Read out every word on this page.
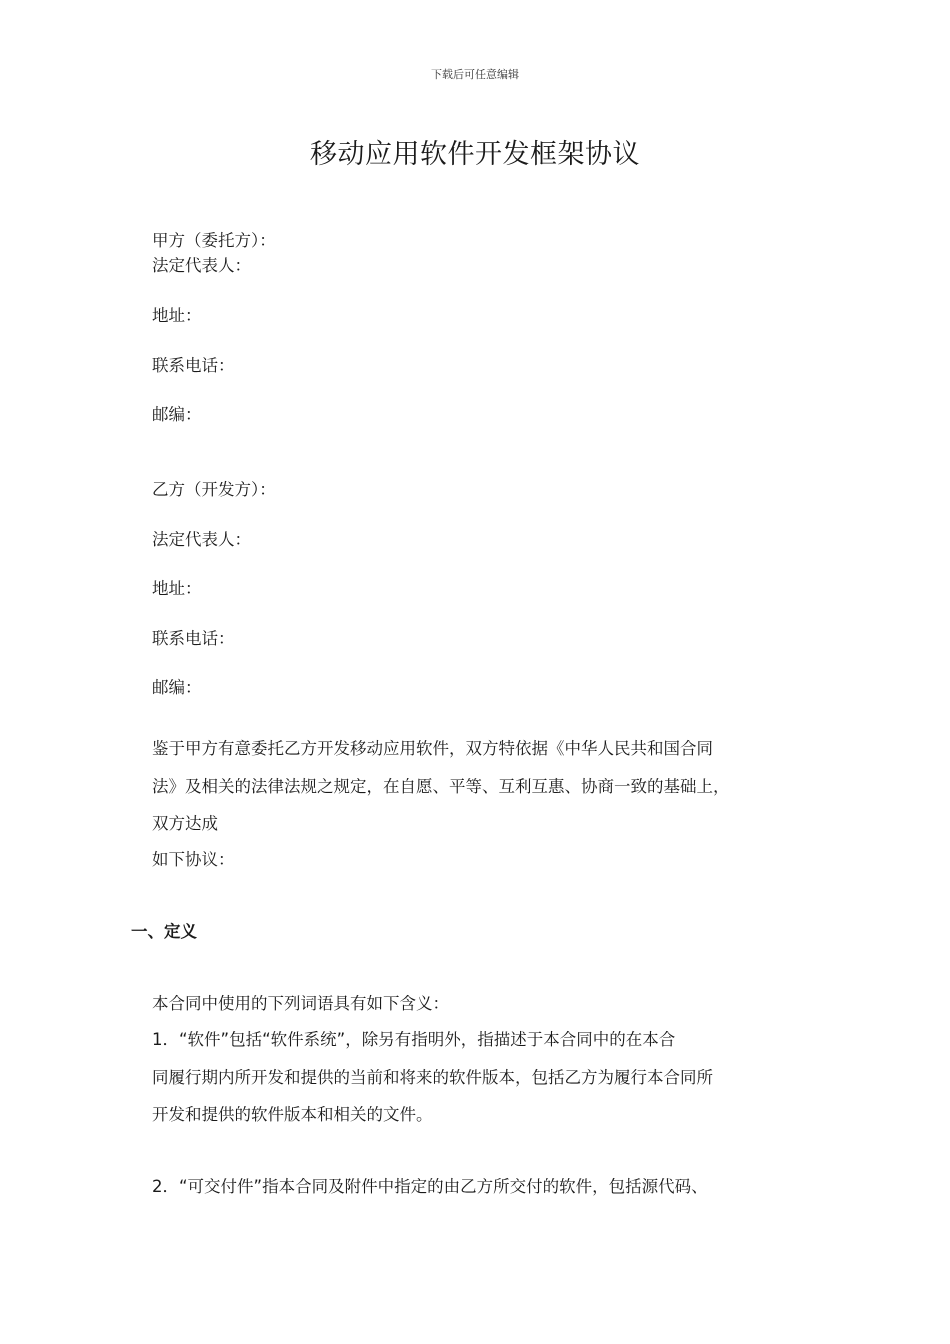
下载后可任意编辑
移动应用软件开发框架协议
甲方（委托方）：
法定代表人：
地址：
联系电话：
邮编：
乙方（开发方）：
法定代表人：
地址：
联系电话：
邮编：
鉴于甲方有意委托乙方开发移动应用软件，双方特依据《中华人民共和国合同
法》及相关的法律法规之规定，在自愿、平等、互利互惠、协商一致的基础上，
双方达成
如下协议：
一、定义
本合同中使用的下列词语具有如下含义：
1．“软件”包括“软件系统”，除另有指明外，指描述于本合同中的在本合
同履行期内所开发和提供的当前和将来的软件版本，包括乙方为履行本合同所
开发和提供的软件版本和相关的文件。
2．“可交付件”指本合同及附件中指定的由乙方所交付的软件，包括源代码、
